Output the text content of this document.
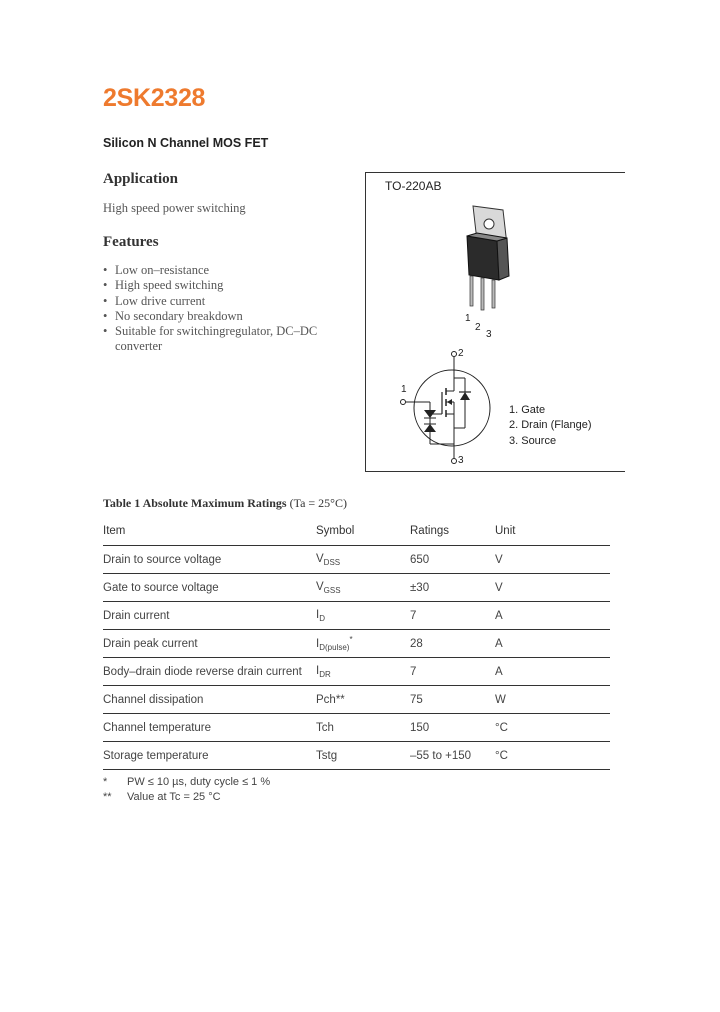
2SK2328
Silicon N Channel MOS FET
Application
High speed power switching
Features
• Low on–resistance
• High speed switching
• Low drive current
• No secondary breakdown
• Suitable for switchingregulator, DC–DC converter
TO-220AB
1
2
3
1
2
3
1. Gate
2. Drain (Flange)
3. Source
Table 1 Absolute Maximum Ratings (Ta = 25°C)
Item	Symbol	Ratings	Unit
Drain to source voltage	$V_{DSS}$	650	V
Gate to source voltage	$V_{GSS}$	±30	V
Drain current	$I_D$	7	A
Drain peak current	$I_{D(pulse)}^*$	28	A
Body–drain diode reverse drain current	$I_{DR}$	7	A
Channel dissipation	Pch**	75	W
Channel temperature	Tch	150	°C
Storage temperature	Tstg	–55 to +150	°C
* PW ≤ 10 µs, duty cycle ≤ 1 %
** Value at Tc = 25 °C
